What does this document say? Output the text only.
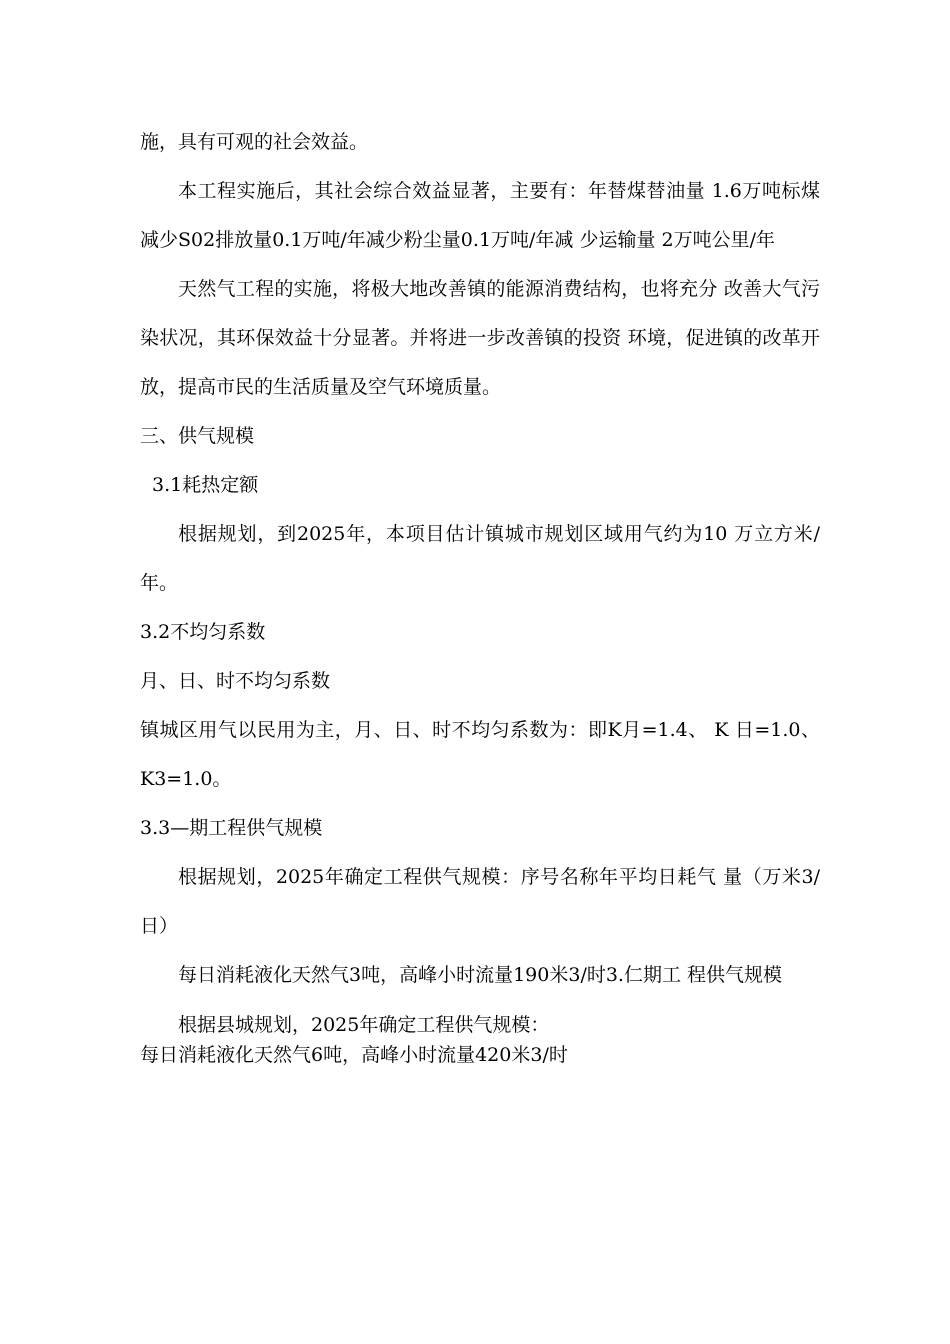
施，具有可观的社会效益。

本工程实施后，其社会综合效益显著，主要有：年替煤替油量 1.6万吨标煤减少S02排放量0.1万吨/年减少粉尘量0.1万吨/年减 少运输量 2万吨公里/年

天然气工程的实施，将极大地改善镇的能源消费结构，也将充分 改善大气污染状况，其环保效益十分显著。并将进一步改善镇的投资 环境，促进镇的改革开放，提高市民的生活质量及空气环境质量。

三、供气规模

3.1耗热定额

根据规划，到2025年，本项目估计镇城市规划区域用气约为10 万立方米/年。

3.2不均匀系数

月、日、时不均匀系数

镇城区用气以民用为主，月、日、时不均匀系数为：即K月=1.4、 K 日=1.0、K3=1.0。

3.3—期工程供气规模

根据规划，2025年确定工程供气规模：序号名称年平均日耗气 量（万米3/日）

每日消耗液化天然气3吨，高峰小时流量190米3/时3.仁期工 程供气规模

根据县城规划，2025年确定工程供气规模：

每日消耗液化天然气6吨，高峰小时流量420米3/时
